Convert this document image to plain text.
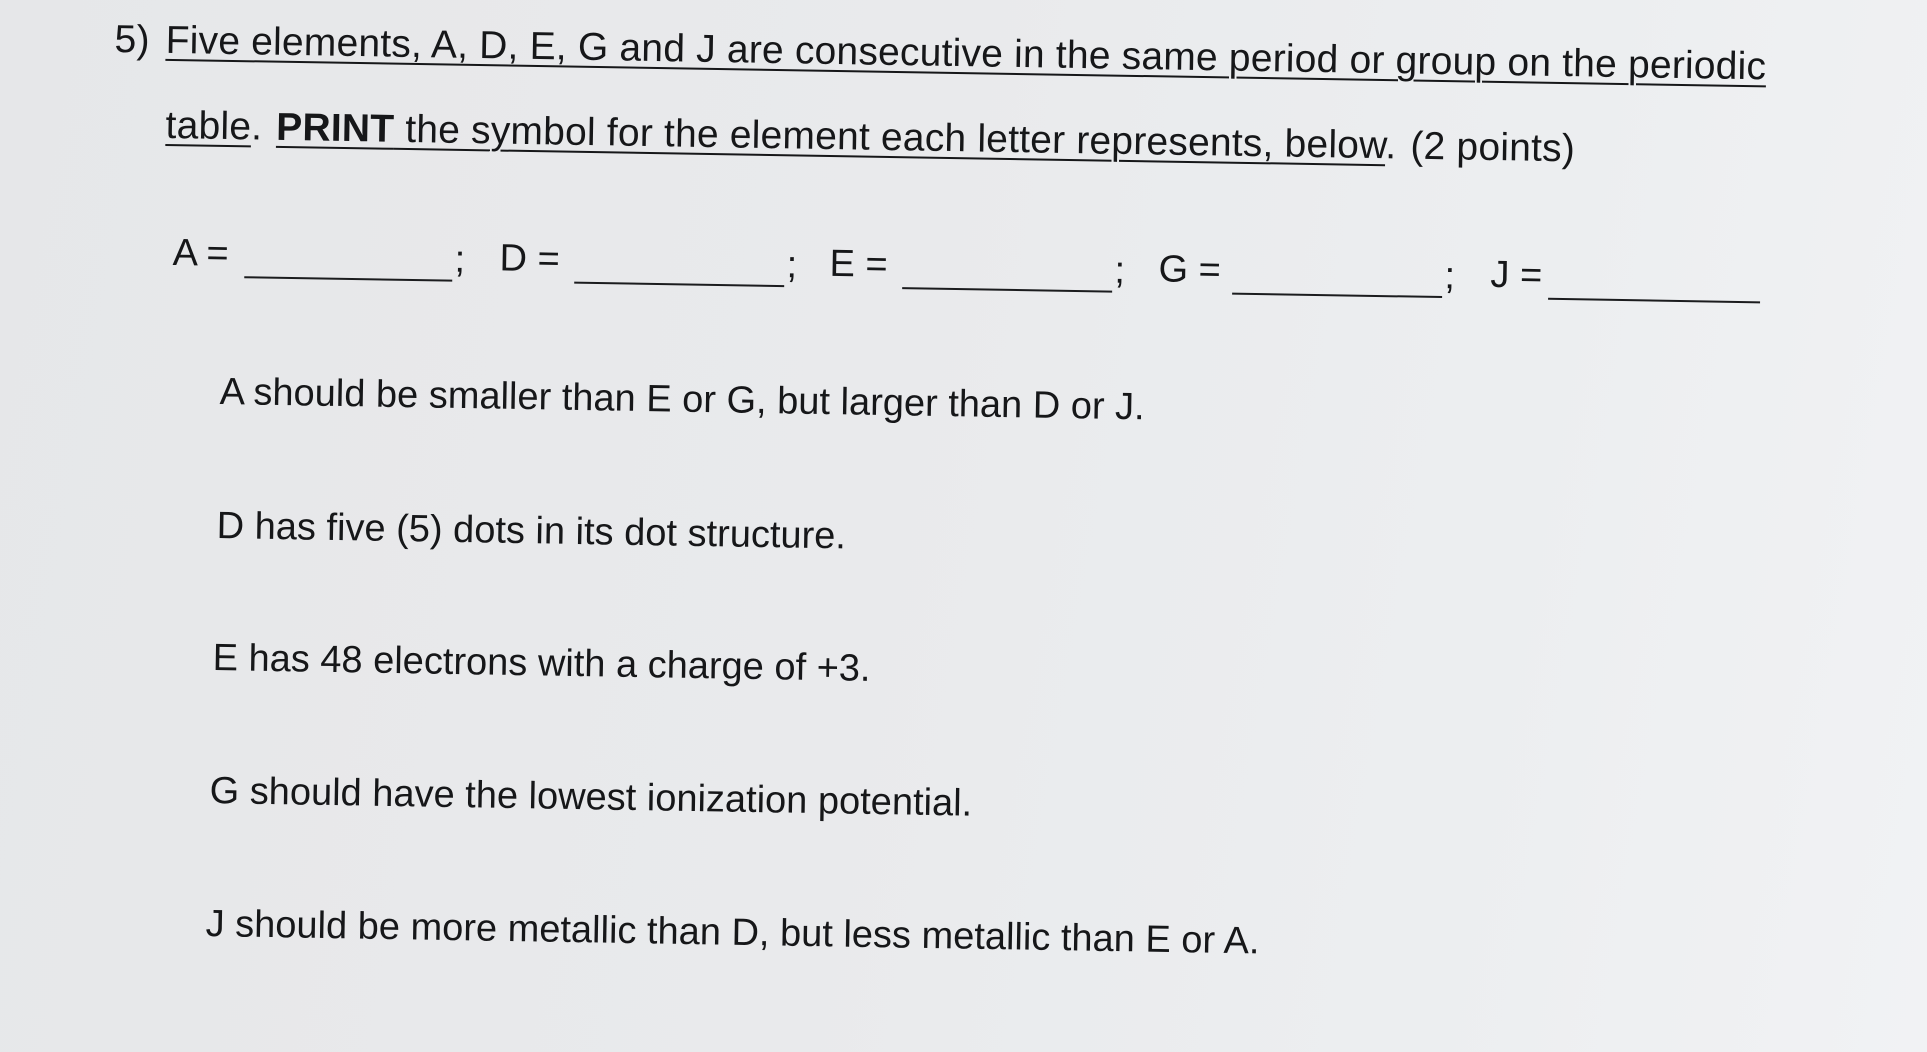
5) Five elements, A, D, E, G and J are consecutive in the same period or group on the periodic
table. PRINT the symbol for the element each letter represents, below. (2 points)
A =	; D =	; E =	; G =	; J =
A should be smaller than E or G, but larger than D or J.
D has five (5) dots in its dot structure.
E has 48 electrons with a charge of +3.
G should have the lowest ionization potential.
J should be more metallic than D, but less metallic than E or A.
